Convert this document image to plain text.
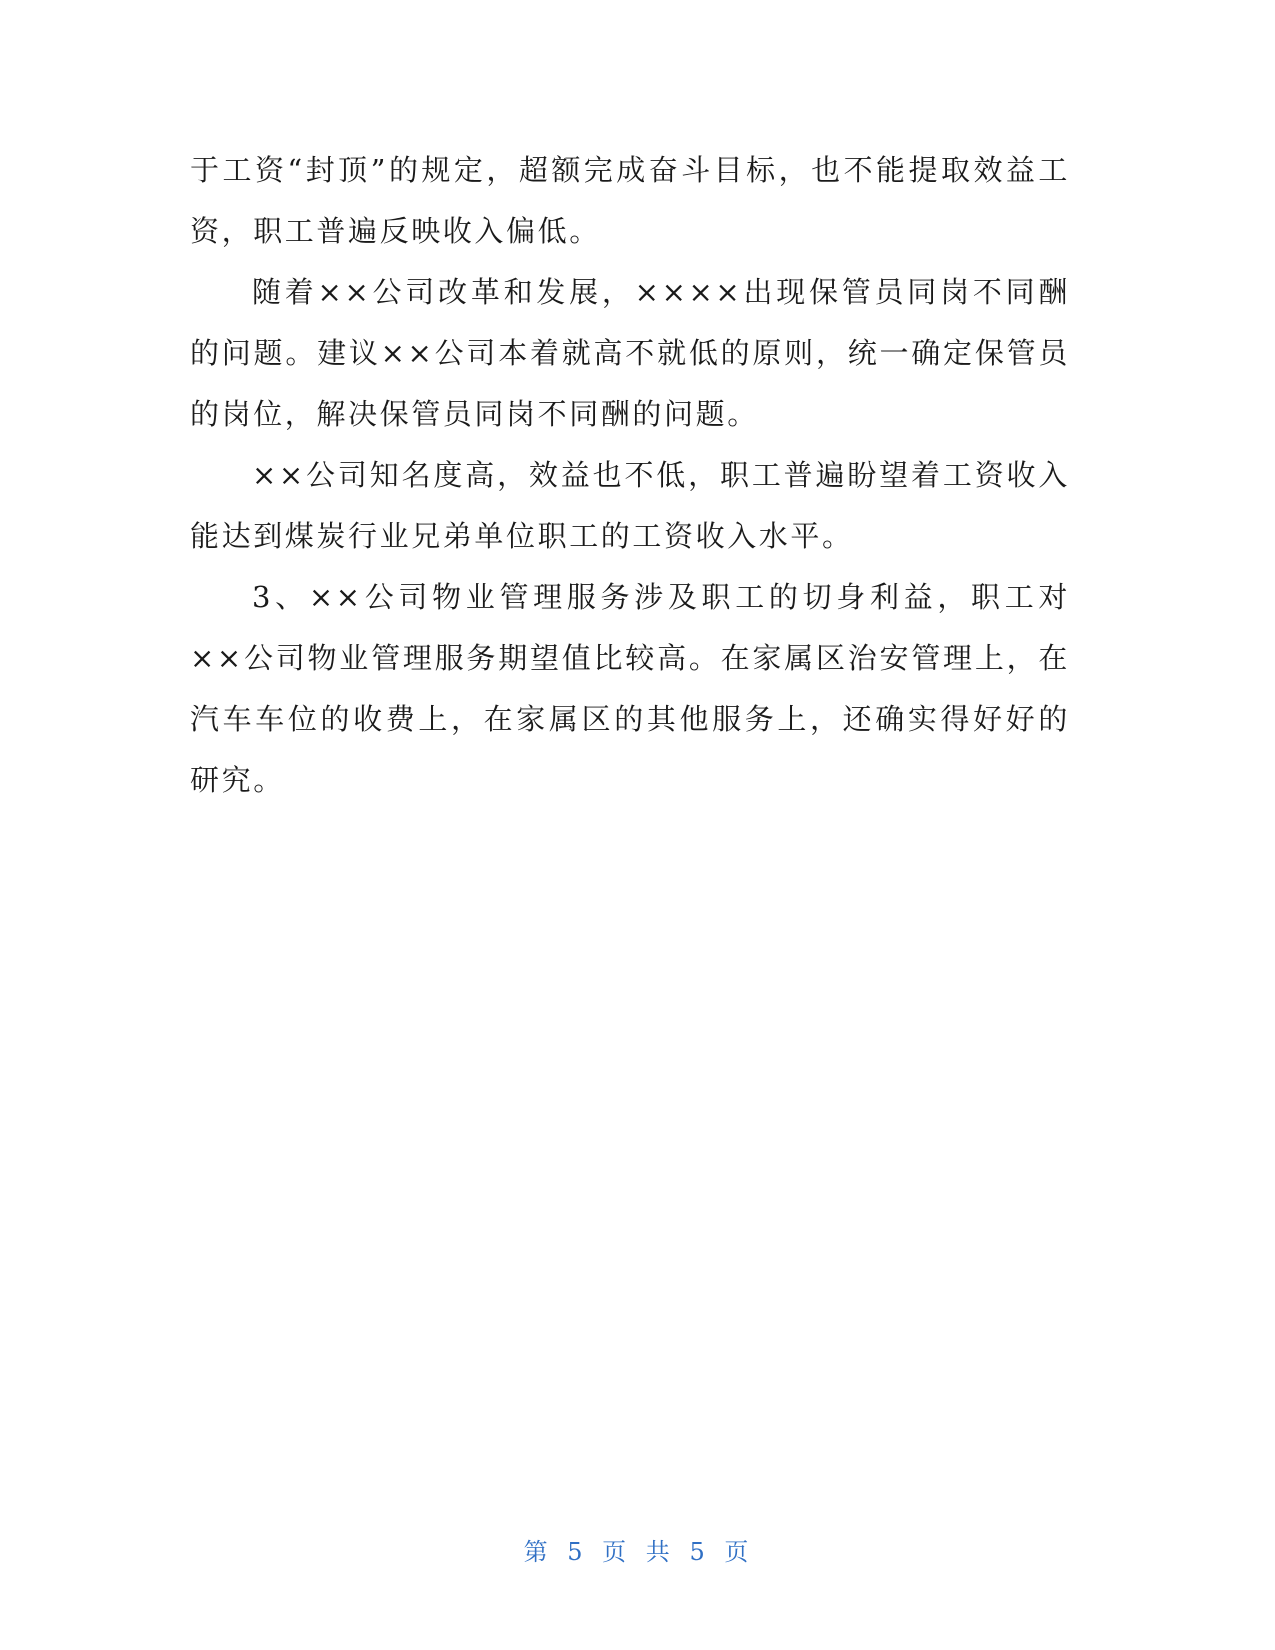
于工资“封顶”的规定，超额完成奋斗目标，也不能提取效益工资，职工普遍反映收入偏低。

随着××公司改革和发展，××××出现保管员同岗不同酬的问题。建议××公司本着就高不就低的原则，统一确定保管员的岗位，解决保管员同岗不同酬的问题。

××公司知名度高，效益也不低，职工普遍盼望着工资收入能达到煤炭行业兄弟单位职工的工资收入水平。

3、××公司物业管理服务涉及职工的切身利益，职工对××公司物业管理服务期望值比较高。在家属区治安管理上，在汽车车位的收费上，在家属区的其他服务上，还确实得好好的研究。

第 5 页 共 5 页
